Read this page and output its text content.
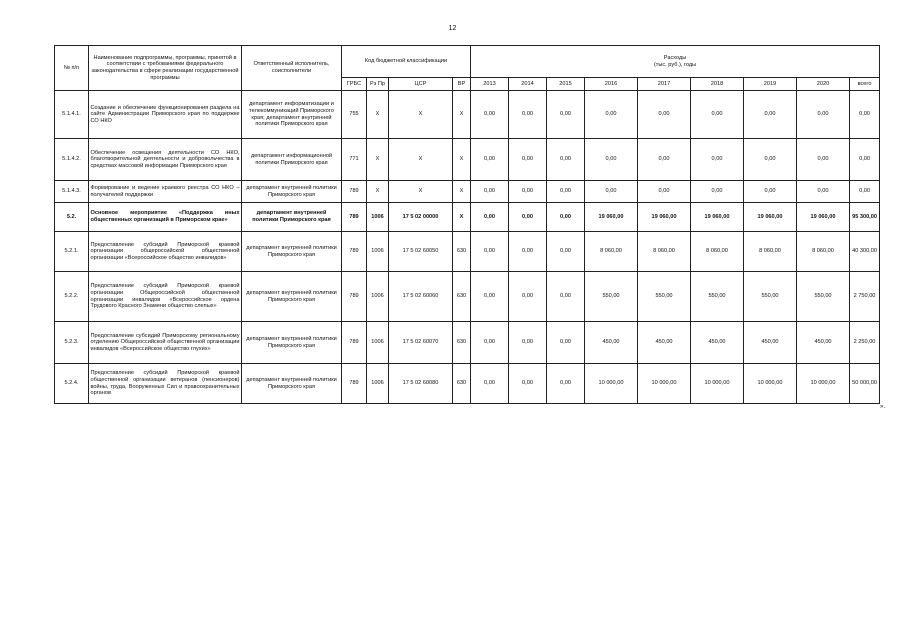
12
№ п/п	Наименование подпрограммы, программы, принятой в соответствии с требованиями федерального законодательства в сфере реализации государственной программы	Ответственный исполнитель, соисполнители	Код бюджетной классификации				Расходы
(тыс. руб.), годы								

			ГРБС	Рз Пр	ЦСР	ВР	2013	2014	2015	2016	2017	2018	2019	2020	всего
5.1.4.1.	Создание и обеспечение функционирования раздела на сайте Администрации Приморского края по поддержке СО НКО	департамент информатизации и телекоммуникаций Приморского края; департамент внутренней политики Приморского края	755	X	X	X	0,00	0,00	0,00	0,00	0,00	0,00	0,00	0,00	0,00
5.1.4.2.	Обеспечение освещения деятельности СО НКО, благотворительной деятельности и добровольчества в средствах массовой информации Приморского края	департамент информационной политики Приморского края	771	X	X	X	0,00	0,00	0,00	0,00	0,00	0,00	0,00	0,00	0,00
5.1.4.3.	Формирование и ведение краевого реестра СО НКО – получателей поддержки	департамент внутренней политики Приморского края	789	X	X	X	0,00	0,00	0,00	0,00	0,00	0,00	0,00	0,00	0,00
5.2.	Основное мероприятие «Поддержка иных общественных организаций в Приморском крае»	департамент внутренней политики Приморского края	789	1006	17 5 02 00000	X	0,00	0,00	0,00	19 060,00	19 060,00	19 060,00	19 060,00	19 060,00	95 300,00
5.2.1.	Предоставление субсидий Приморской краевой организации общероссийской общественной организации «Всероссийское общество инвалидов»	департамент внутренней политики Приморского края	789	1006	17 5 02 60050	630	0,00	0,00	0,00	8 060,00	8 060,00	8 060,00	8 060,00	8 060,00	40 300,00
5.2.2.	Предоставление субсидий Приморской краевой организации Общероссийской общественной организации инвалидов «Всероссийское ордена Трудового Красного Знамени общество слепых»	департамент внутренней политики Приморского края	789	1006	17 5 02 60060	630	0,00	0,00	0,00	550,00	550,00	550,00	550,00	550,00	2 750,00
5.2.3.	Предоставление субсидий Приморскому региональному отделению Общероссийской общественной организации инвалидов «Всероссийское общество глухих»	департамент внутренней политики Приморского края	789	1006	17 5 02 60070	630	0,00	0,00	0,00	450,00	450,00	450,00	450,00	450,00	2 250,00
5.2.4.	Предоставление субсидий Приморской краевой общественной организации ветеранов (пенсионеров) войны, труда, Вооруженных Сил и правоохранительных органов	департамент внутренней политики Приморского края	789	1006	17 5 02 60080	630	0,00	0,00	0,00	10 000,00	10 000,00	10 000,00	10 000,00	10 000,00	50 000,00
».
